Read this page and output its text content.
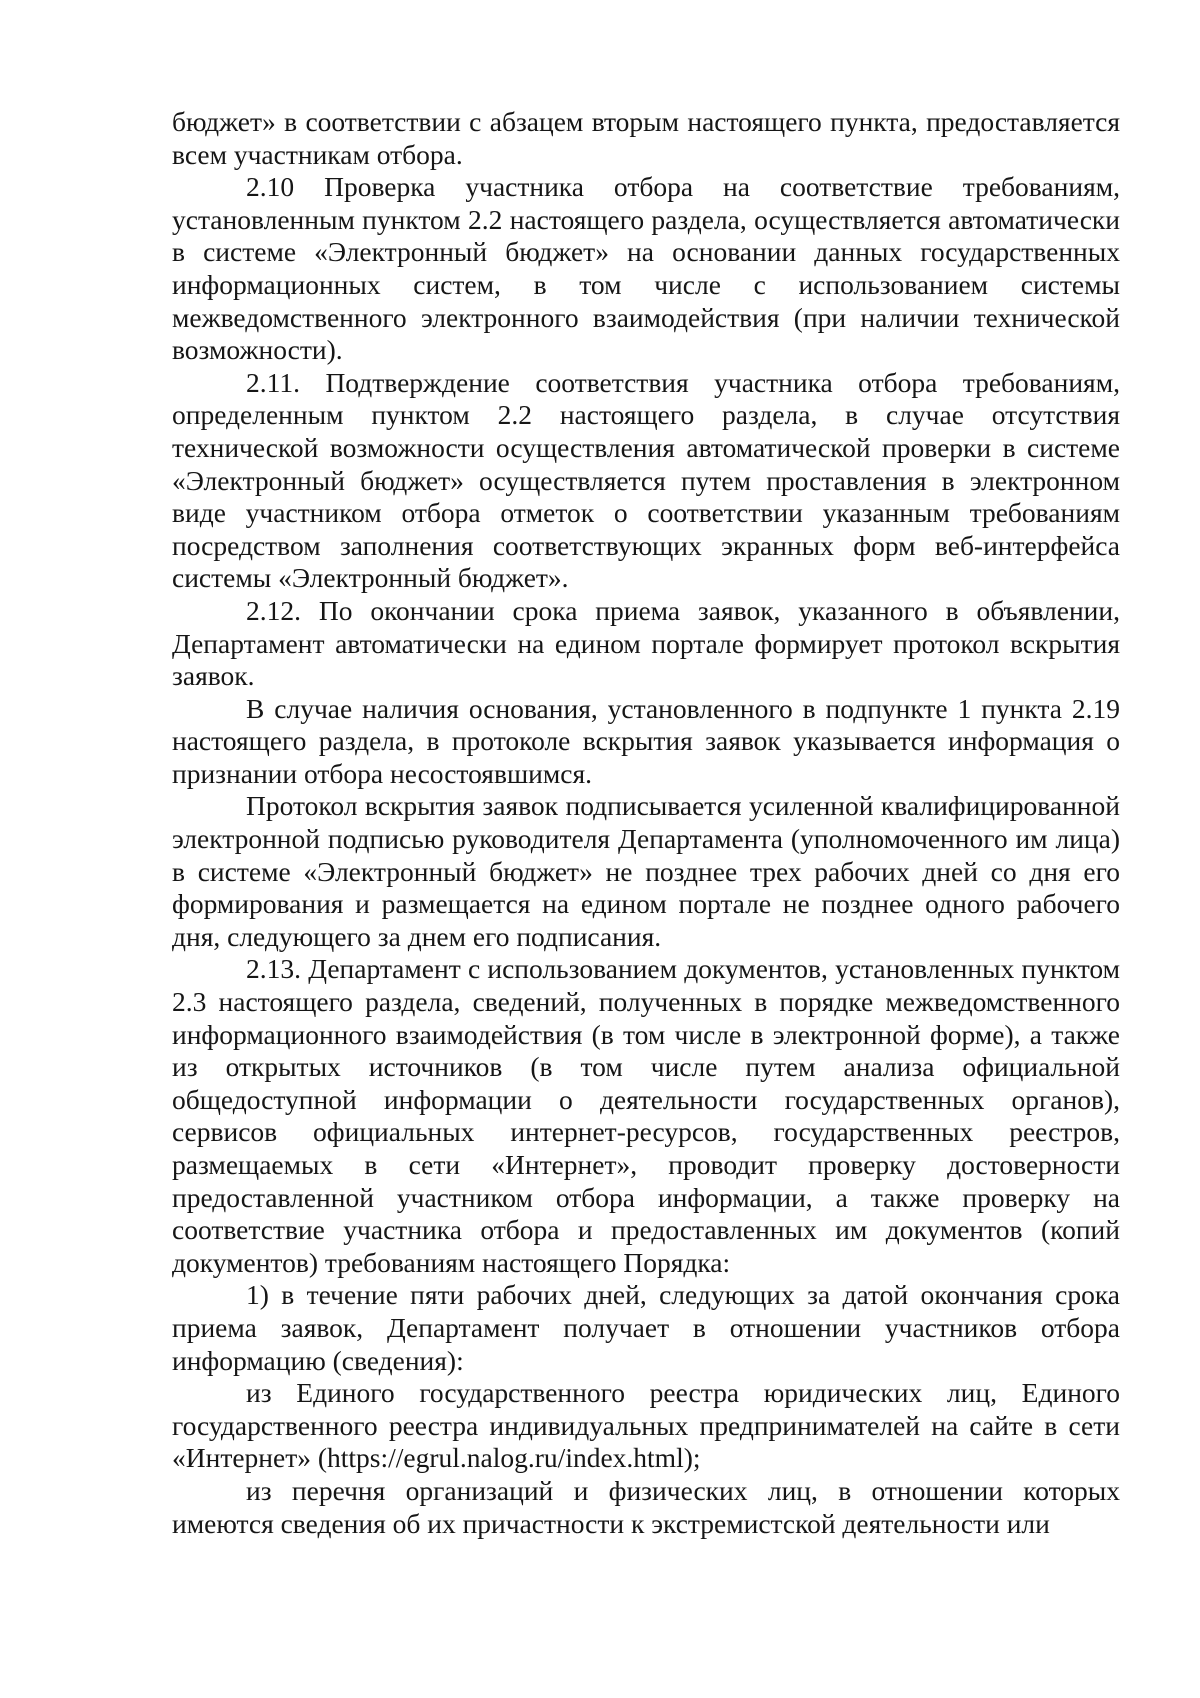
бюджет» в соответствии с абзацем вторым настоящего пункта, предоставляется всем участникам отбора.

2.10 Проверка участника отбора на соответствие требованиям, установленным пунктом 2.2 настоящего раздела, осуществляется автоматически в системе «Электронный бюджет» на основании данных государственных информационных систем, в том числе с использованием системы межведомственного электронного взаимодействия (при наличии технической возможности).

2.11. Подтверждение соответствия участника отбора требованиям, определенным пунктом 2.2 настоящего раздела, в случае отсутствия технической возможности осуществления автоматической проверки в системе «Электронный бюджет» осуществляется путем проставления в электронном виде участником отбора отметок о соответствии указанным требованиям посредством заполнения соответствующих экранных форм веб-интерфейса системы «Электронный бюджет».

2.12. По окончании срока приема заявок, указанного в объявлении, Департамент автоматически на едином портале формирует протокол вскрытия заявок.

В случае наличия основания, установленного в подпункте 1 пункта 2.19 настоящего раздела, в протоколе вскрытия заявок указывается информация о признании отбора несостоявшимся.

Протокол вскрытия заявок подписывается усиленной квалифицированной электронной подписью руководителя Департамента (уполномоченного им лица) в системе «Электронный бюджет» не позднее трех рабочих дней со дня его формирования и размещается на едином портале не позднее одного рабочего дня, следующего за днем его подписания.

2.13. Департамент с использованием документов, установленных пунктом 2.3 настоящего раздела, сведений, полученных в порядке межведомственного информационного взаимодействия (в том числе в электронной форме), а также из открытых источников (в том числе путем анализа официальной общедоступной информации о деятельности государственных органов), сервисов официальных интернет-ресурсов, государственных реестров, размещаемых в сети «Интернет», проводит проверку достоверности предоставленной участником отбора информации, а также проверку на соответствие участника отбора и предоставленных им документов (копий документов) требованиям настоящего Порядка:

1) в течение пяти рабочих дней, следующих за датой окончания срока приема заявок, Департамент получает в отношении участников отбора информацию (сведения):

из Единого государственного реестра юридических лиц, Единого государственного реестра индивидуальных предпринимателей на сайте в сети «Интернет» (https://egrul.nalog.ru/index.html);

из перечня организаций и физических лиц, в отношении которых имеются сведения об их причастности к экстремистской деятельности или
